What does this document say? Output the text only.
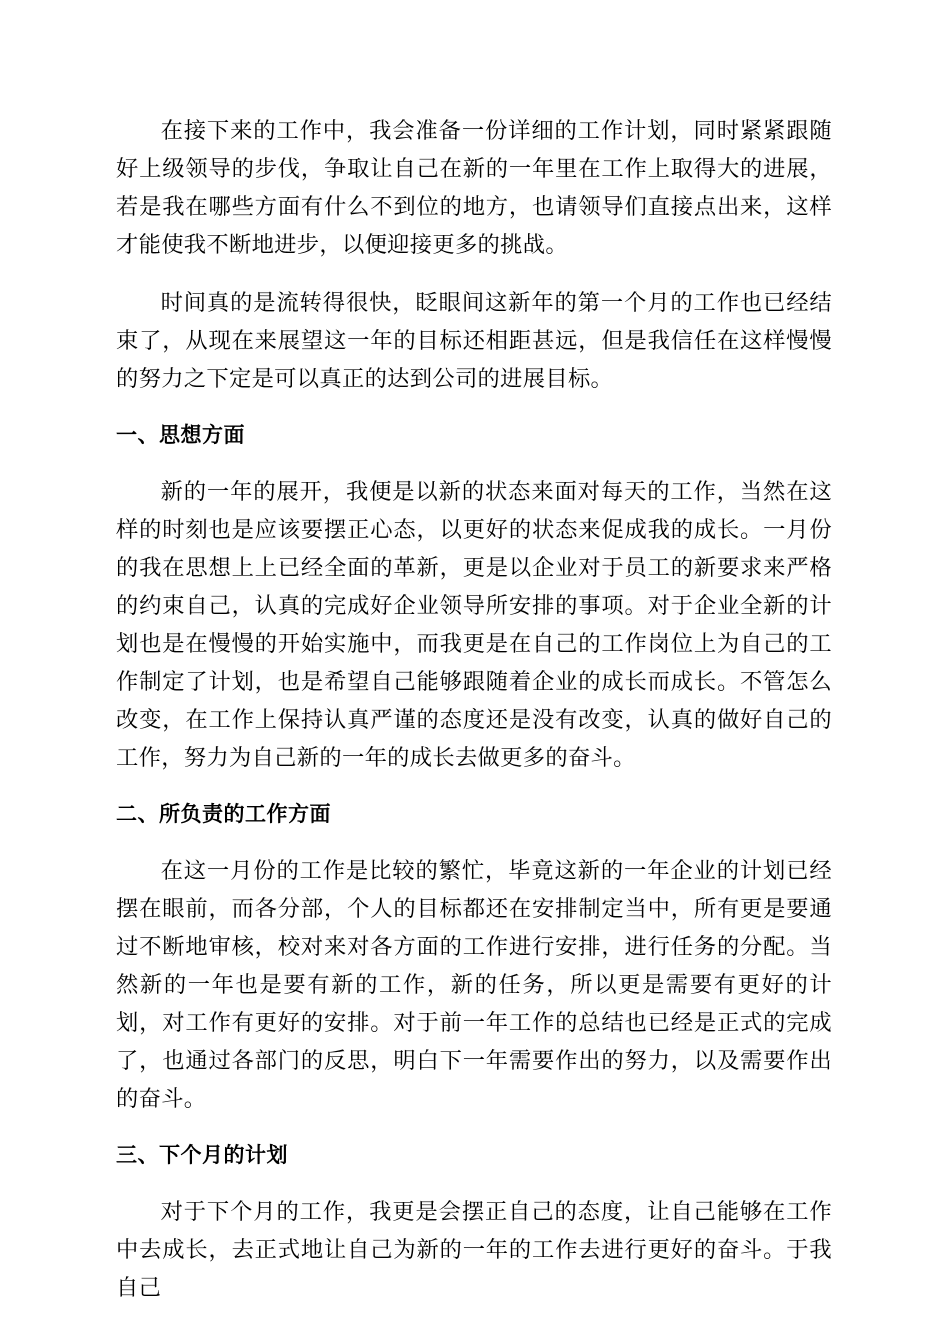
在接下来的工作中，我会准备一份详细的工作计划，同时紧紧跟随好上级领导的步伐，争取让自己在新的一年里在工作上取得大的进展，若是我在哪些方面有什么不到位的地方，也请领导们直接点出来，这样才能使我不断地进步，以便迎接更多的挑战。

时间真的是流转得很快，眨眼间这新年的第一个月的工作也已经结束了，从现在来展望这一年的目标还相距甚远，但是我信任在这样慢慢的努力之下定是可以真正的达到公司的进展目标。

一、思想方面

新的一年的展开，我便是以新的状态来面对每天的工作，当然在这样的时刻也是应该要摆正心态，以更好的状态来促成我的成长。一月份的我在思想上上已经全面的革新，更是以企业对于员工的新要求来严格的约束自己，认真的完成好企业领导所安排的事项。对于企业全新的计划也是在慢慢的开始实施中，而我更是在自己的工作岗位上为自己的工作制定了计划，也是希望自己能够跟随着企业的成长而成长。不管怎么改变，在工作上保持认真严谨的态度还是没有改变，认真的做好自己的工作，努力为自己新的一年的成长去做更多的奋斗。

二、所负责的工作方面

在这一月份的工作是比较的繁忙，毕竟这新的一年企业的计划已经摆在眼前，而各分部，个人的目标都还在安排制定当中，所有更是要通过不断地审核，校对来对各方面的工作进行安排，进行任务的分配。当然新的一年也是要有新的工作，新的任务，所以更是需要有更好的计划，对工作有更好的安排。对于前一年工作的总结也已经是正式的完成了，也通过各部门的反思，明白下一年需要作出的努力，以及需要作出的奋斗。

三、下个月的计划

对于下个月的工作，我更是会摆正自己的态度，让自己能够在工作中去成长，去正式地让自己为新的一年的工作去进行更好的奋斗。于我自己
